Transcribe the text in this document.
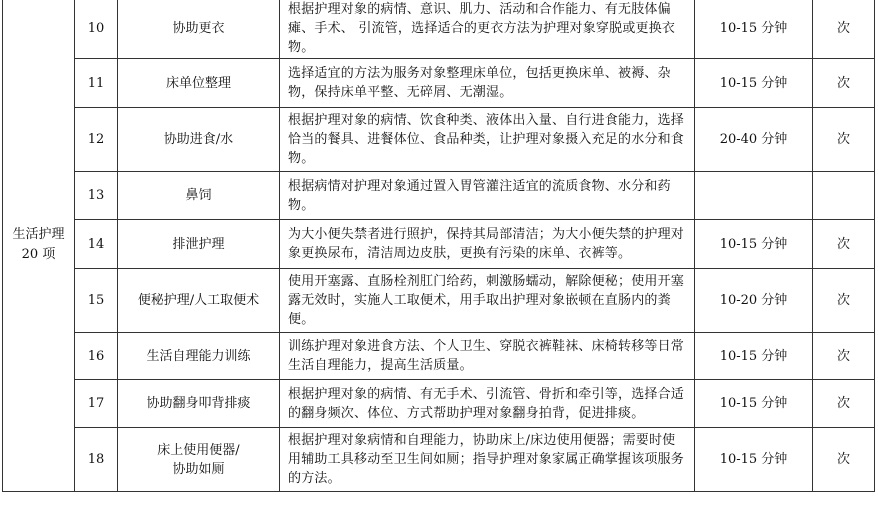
生活护理 20 项	10	协助更衣	根据护理对象的病情、意识、肌力、活动和合作能力、有无肢体偏瘫、手术、 引流管，选择适合的更衣方法为护理对象穿脱或更换衣物。	10-15 分钟	次
	11	床单位整理	选择适宜的方法为服务对象整理床单位，包括更换床单、被褥、杂物，保持床单平整、无碎屑、无潮湿。	10-15 分钟	次
	12	协助进食/水	根据护理对象的病情、饮食种类、液体出入量、自行进食能力，选择恰当的餐具、进餐体位、食品种类，让护理对象摄入充足的水分和食物。	20-40 分钟	次
	13	鼻饲	根据病情对护理对象通过置入胃管灌注适宜的流质食物、水分和药物。		
	14	排泄护理	为大小便失禁者进行照护，保持其局部清洁；为大小便失禁的护理对象更换尿布，清洁周边皮肤，更换有污染的床单、衣裤等。	10-15 分钟	次
	15	便秘护理/人工取便术	使用开塞露、直肠栓剂肛门给药，刺激肠蠕动，解除便秘；使用开塞露无效时，实施人工取便术，用手取出护理对象嵌顿在直肠内的粪便。	10-20 分钟	次
	16	生活自理能力训练	训练护理对象进食方法、个人卫生、穿脱衣裤鞋袜、床椅转移等日常生活自理能力，提高生活质量。	10-15 分钟	次
	17	协助翻身叩背排痰	根据护理对象的病情、有无手术、引流管、骨折和牵引等，选择合适的翻身频次、体位、方式帮助护理对象翻身拍背，促进排痰。	10-15 分钟	次
	18	床上使用便器/
协助如厕	根据护理对象病情和自理能力，协助床上/床边使用便器；需要时使用辅助工具移动至卫生间如厕；指导护理对象家属正确掌握该项服务的方法。	10-15 分钟	次
